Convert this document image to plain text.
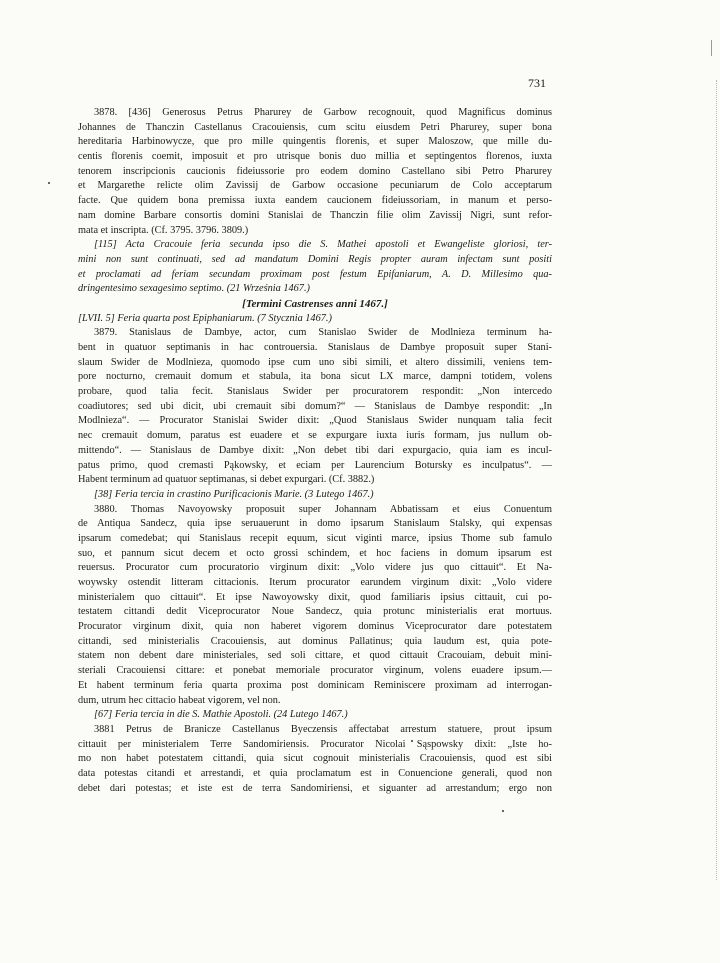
731
3878. [436] Generosus Petrus Pharurey de Garbow recognouit, quod Magnificus dominus
Johannes de Thanczin Castellanus Cracouiensis, cum scitu eiusdem Petri Pharurey, super bona
hereditaria Harbinowycze, que pro mille quingentis florenis, et super Maloszow, que mille du-
centis florenis coemit, imposuit et pro utrisque bonis duo millia et septingentos florenos, iuxta
tenorem inscripcionis caucionis fideiussorie pro eodem domino Castellano sibi Petro Pharurey
et Margarethe relicte olim Zavissij de Garbow occasione pecuniarum de Colo acceptarum
facte. Que quidem bona premissa iuxta eandem caucionem fideiussoriam, in manum et perso-
nam domine Barbare consortis domini Stanislai de Thanczin filie olim Zavissij Nigri, sunt refor-
mata et inscripta. (Cf. 3795. 3796. 3809.)
[115] Acta Cracouie feria secunda ipso die S. Mathei apostoli et Ewangeliste gloriosi, ter-
mini non sunt continuati, sed ad mandatum Domini Regis propter auram infectam sunt positi
et proclamati ad feriam secundam proximam post festum Epifaniarum, A. D. Millesimo qua-
dringentesimo sexagesimo septimo. (21 Września 1467.)
[Termini Castrenses anni 1467.]
[LVII. 5] Feria quarta post Epiphaniarum. (7 Stycznia 1467.)
3879. Stanislaus de Dambye, actor, cum Stanislao Swider de Modlnieza terminum ha-
bent in quatuor septimanis in hac controuersia. Stanislaus de Dambye proposuit super Stani-
slaum Swider de Modlnieza, quomodo ipse cum uno sibi simili, et altero dissimili, veniens tem-
pore nocturno, cremauit domum et stabula, ita bona sicut LX marce, dampni totidem, volens
probare, quod talia fecit. Stanislaus Swider per procuratorem respondit: „Non intercedo
coadiutores; sed ubi dicit, ubi cremauit sibi domum?“ — Stanislaus de Dambye respondit: „In
Modlnieza“. — Procurator Stanislai Swider dixit: „Quod Stanislaus Swider nunquam talia fecit
nec cremauit domum, paratus est euadere et se expurgare iuxta iuris formam, jus nullum ob-
mittendo“. — Stanislaus de Dambye dixit: „Non debet tibi dari expurgacio, quia iam es incul-
patus primo, quod cremasti Pąkowsky, et eciam per Laurencium Botursky es inculpatus“. —
Habent terminum ad quatuor septimanas, si debet expurgari. (Cf. 3882.)
[38] Feria tercia in crastino Purificacionis Marie. (3 Lutego 1467.)
3880. Thomas Navoyowsky proposuit super Johannam Abbatissam et eius Conuentum
de Antiqua Sandecz, quia ipse seruauerunt in domo ipsarum Stanislaum Stalsky, qui expensas
ipsarum comedebat; qui Stanislaus recepit equum, sicut viginti marce, ipsius Thome sub famulo
suo, et pannum sicut decem et octo grossi schindem, et hoc faciens in domum ipsarum est
reuersus. Procurator cum procuratorio virginum dixit: „Volo videre jus quo cittauit“. Et Na-
woywsky ostendit litteram cittacionis. Iterum procurator earundem virginum dixit: „Volo videre
ministerialem quo cittauit“. Et ipse Nawoyowsky dixit, quod familiaris ipsius cittauit, cui po-
testatem cittandi dedit Viceprocurator Noue Sandecz, quia protunc ministerialis erat mortuus.
Procurator virginum dixit, quia non haberet vigorem dominus Viceprocurator dare potestatem
cittandi, sed ministerialis Cracouiensis, aut dominus Pallatinus; quia laudum est, quia pote-
statem non debent dare ministeriales, sed soli cittare, et quod cittauit Cracouiam, debuit mini-
steriali Cracouiensi cittare: et ponebat memoriale procurator virginum, volens euadere ipsum.—
Et habent terminum feria quarta proxima post dominicam Reminiscere proximam ad interrogan-
dum, utrum hec cittacio habeat vigorem, vel non.
[67] Feria tercia in die S. Mathie Apostoli. (24 Lutego 1467.)
3881 Petrus de Branicze Castellanus Byeczensis affectabat arrestum statuere, prout ipsum
cittauit per ministerialem Terre Sandomiriensis. Procurator Nicolai Sąspowsky dixit: „Iste ho-
mo non habet potestatem cittandi, quia sicut cognouit ministerialis Cracouiensis, quod est sibi
data potestas citandi et arrestandi, et quia proclamatum est in Conuencione generali, quod non
debet dari potestas; et iste est de terra Sandomiriensi, et siguanter ad arrestandum; ergo non
